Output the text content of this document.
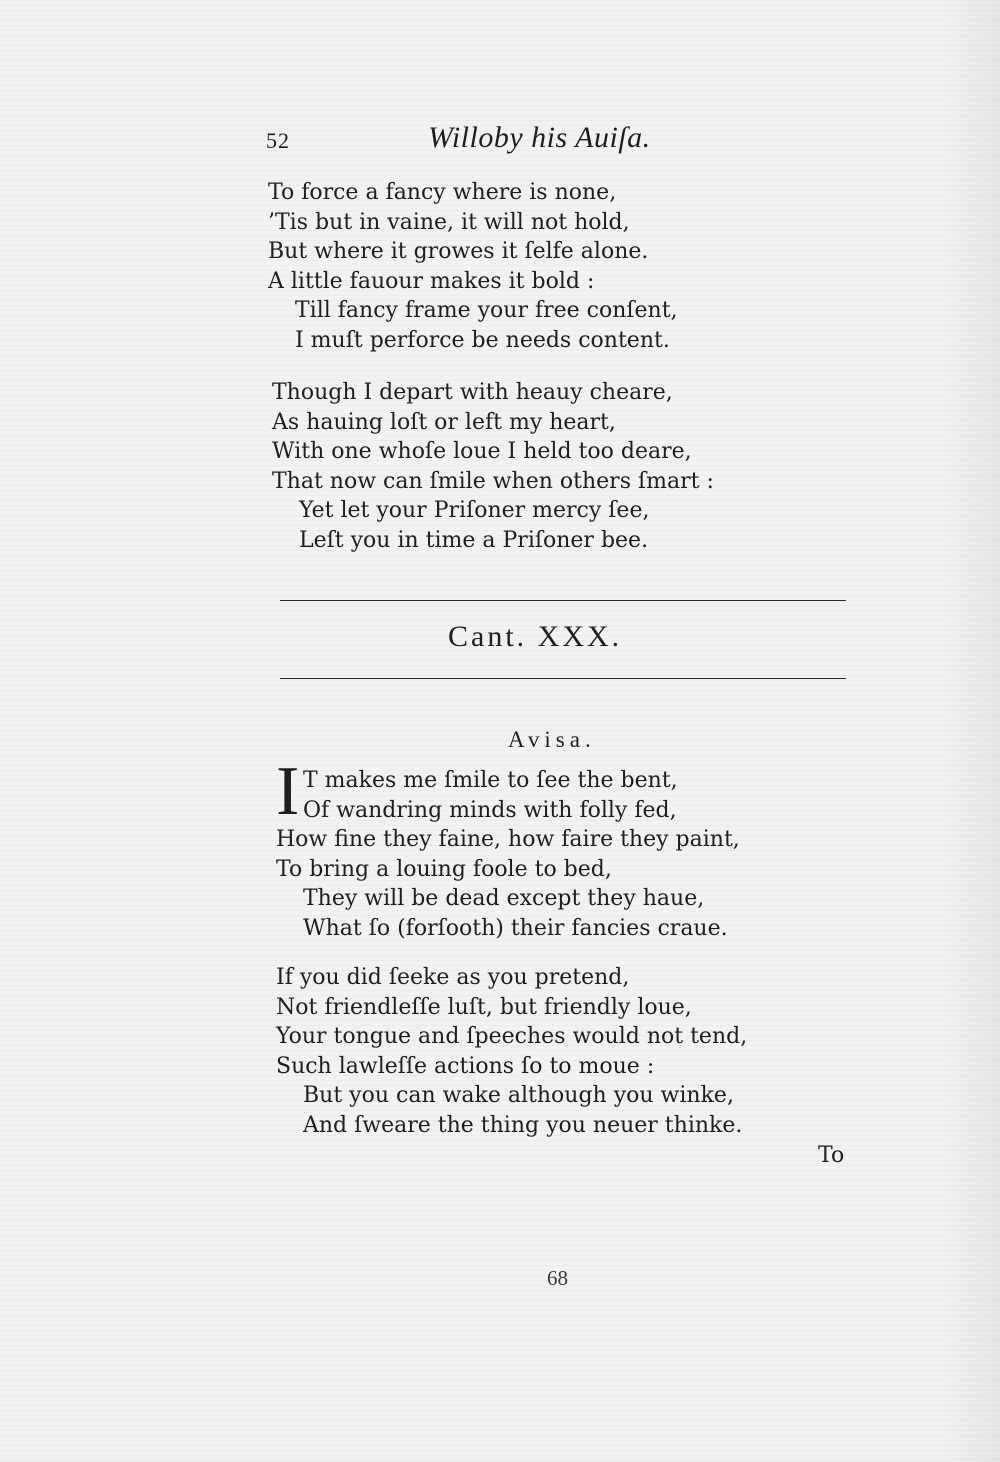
52	Willoby his Auiſa.
To force a fancy where is none,
’Tis but in vaine, it will not hold,
But where it growes it ſelfe alone.
A little fauour makes it bold :
Till fancy frame your free conſent,
I muſt perforce be needs content.
Though I depart with heauy cheare,
As hauing loſt or left my heart,
With one whoſe loue I held too deare,
That now can ſmile when others ſmart :
Yet let your Priſoner mercy ſee,
Leſt you in time a Priſoner bee.
Cant. XXX.
Avisa.
I T makes me ſmile to ſee the bent,
Of wandring minds with folly fed,
How fine they faine, how faire they paint,
To bring a louing foole to bed,
They will be dead except they haue,
What ſo (forſooth) their fancies craue.
If you did ſeeke as you pretend,
Not friendleſſe luſt, but friendly loue,
Your tongue and ſpeeches would not tend,
Such lawleſſe actions ſo to moue :
But you can wake although you winke,
And ſweare the thing you neuer thinke.
To
68
